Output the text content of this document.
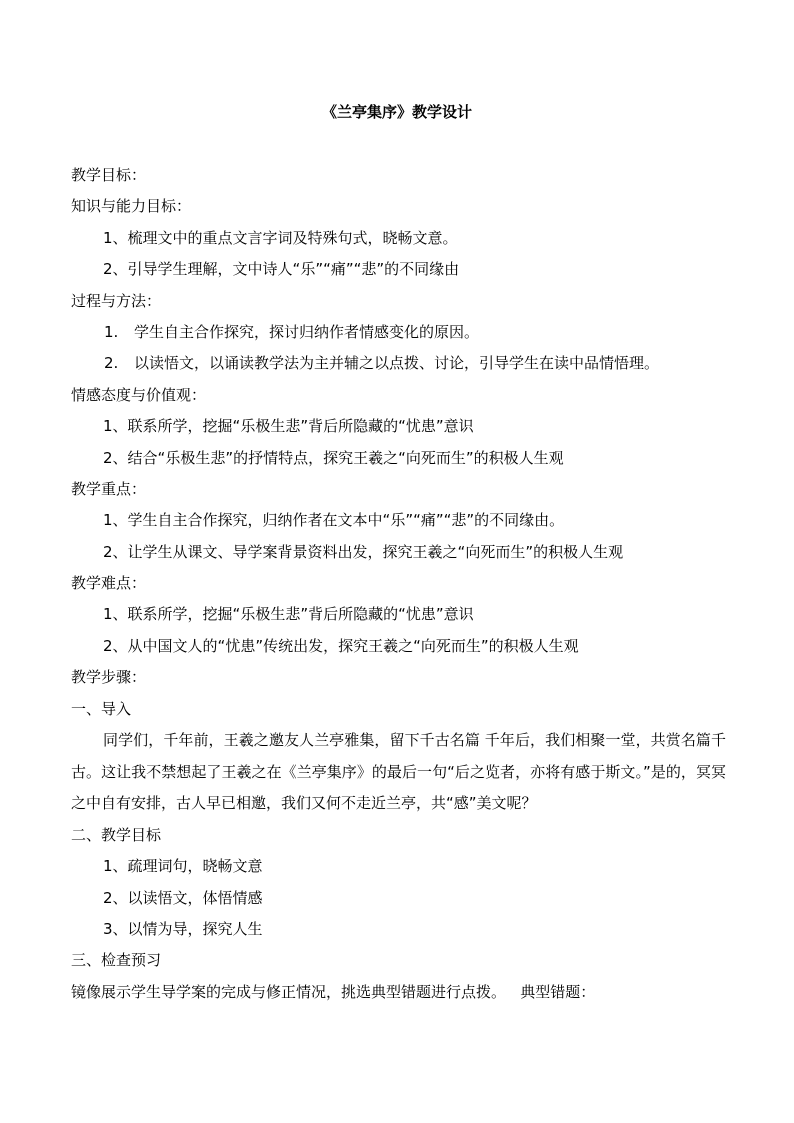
《兰亭集序》教学设计
教学目标：
知识与能力目标：
1、梳理文中的重点文言字词及特殊句式，晓畅文意。
2、引导学生理解，文中诗人“乐”“痛”“悲”的不同缘由
过程与方法：
1. 学生自主合作探究，探讨归纳作者情感变化的原因。
2. 以读悟文，以诵读教学法为主并辅之以点拨、讨论，引导学生在读中品情悟理。
情感态度与价值观：
1、联系所学，挖掘“乐极生悲”背后所隐藏的“忧患”意识
2、结合“乐极生悲”的抒情特点，探究王羲之“向死而生”的积极人生观
教学重点：
1、学生自主合作探究，归纳作者在文本中“乐”“痛”“悲”的不同缘由。
2、让学生从课文、导学案背景资料出发，探究王羲之“向死而生”的积极人生观
教学难点：
1、联系所学，挖掘“乐极生悲”背后所隐藏的“忧患”意识
2、从中国文人的“忧患”传统出发，探究王羲之“向死而生”的积极人生观
教学步骤：
一、导入
同学们，千年前，王羲之邀友人兰亭雅集，留下千古名篇 千年后，我们相聚一堂，共赏名篇千古。这让我不禁想起了王羲之在《兰亭集序》的最后一句“后之览者，亦将有感于斯文。”是的，冥冥之中自有安排，古人早已相邀，我们又何不走近兰亭，共“感”美文呢？
二、教学目标
1、疏理词句，晓畅文意
2、以读悟文，体悟情感
3、以情为导，探究人生
三、检查预习
镜像展示学生导学案的完成与修正情况，挑选典型错题进行点拨。   典型错题：
